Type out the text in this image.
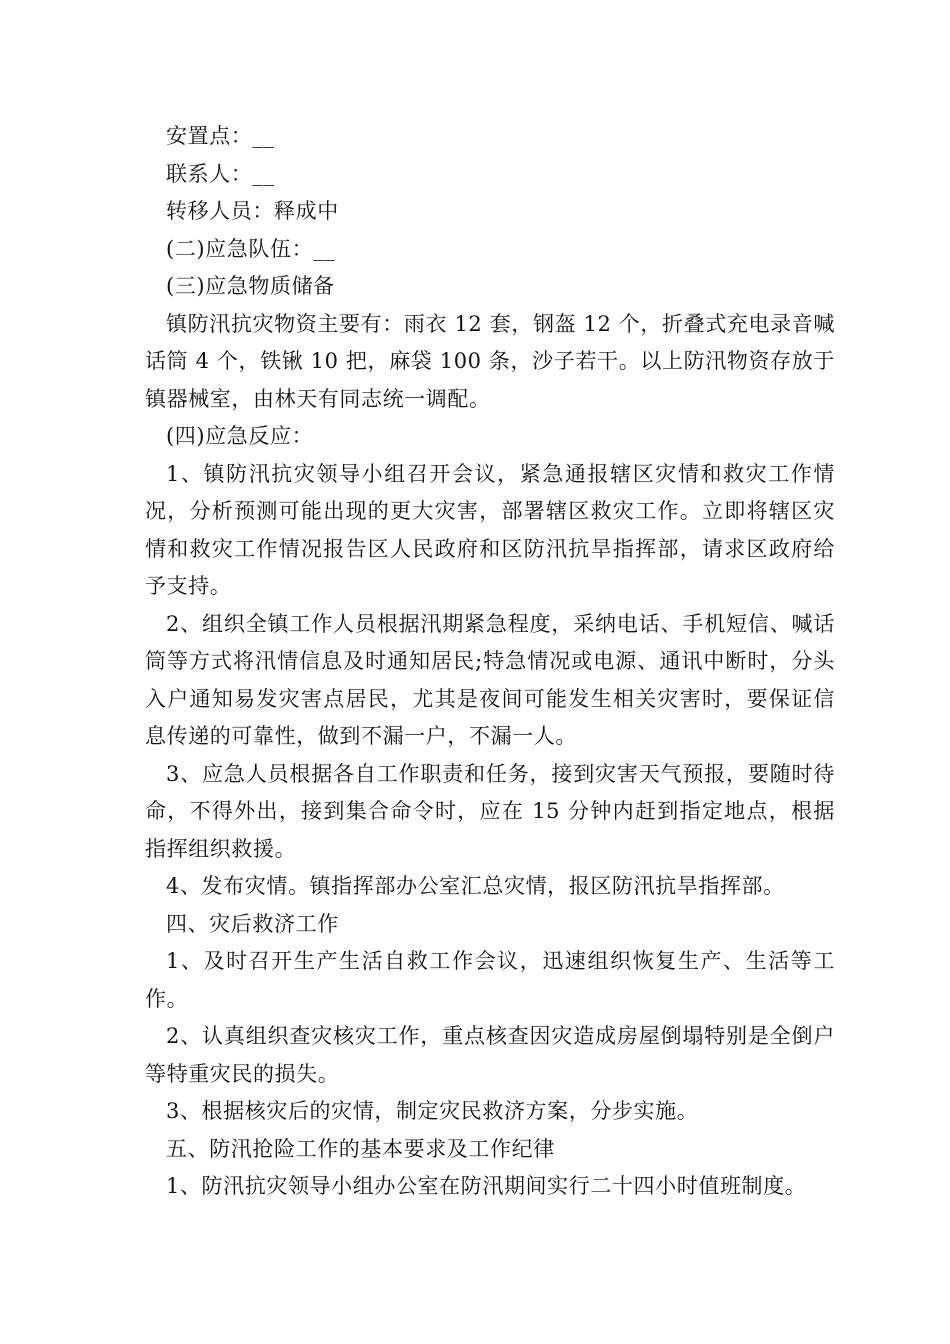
安置点：__

联系人：__

转移人员：释成中

(二)应急队伍：__

(三)应急物质储备

镇防汛抗灾物资主要有：雨衣 12 套，钢盔 12 个，折叠式充电录音喊话筒 4 个，铁锹 10 把，麻袋 100 条，沙子若干。以上防汛物资存放于镇器械室，由林天有同志统一调配。

(四)应急反应：

1、镇防汛抗灾领导小组召开会议，紧急通报辖区灾情和救灾工作情况，分析预测可能出现的更大灾害，部署辖区救灾工作。立即将辖区灾情和救灾工作情况报告区人民政府和区防汛抗旱指挥部，请求区政府给予支持。

2、组织全镇工作人员根据汛期紧急程度，采纳电话、手机短信、喊话筒等方式将汛情信息及时通知居民;特急情况或电源、通讯中断时，分头入户通知易发灾害点居民，尤其是夜间可能发生相关灾害时，要保证信息传递的可靠性，做到不漏一户，不漏一人。

3、应急人员根据各自工作职责和任务，接到灾害天气预报，要随时待命，不得外出，接到集合命令时，应在 15 分钟内赶到指定地点，根据指挥组织救援。

4、发布灾情。镇指挥部办公室汇总灾情，报区防汛抗旱指挥部。

四、灾后救济工作

1、及时召开生产生活自救工作会议，迅速组织恢复生产、生活等工作。

2、认真组织查灾核灾工作，重点核查因灾造成房屋倒塌特别是全倒户等特重灾民的损失。

3、根据核灾后的灾情，制定灾民救济方案，分步实施。

五、防汛抢险工作的基本要求及工作纪律

1、防汛抗灾领导小组办公室在防汛期间实行二十四小时值班制度。
